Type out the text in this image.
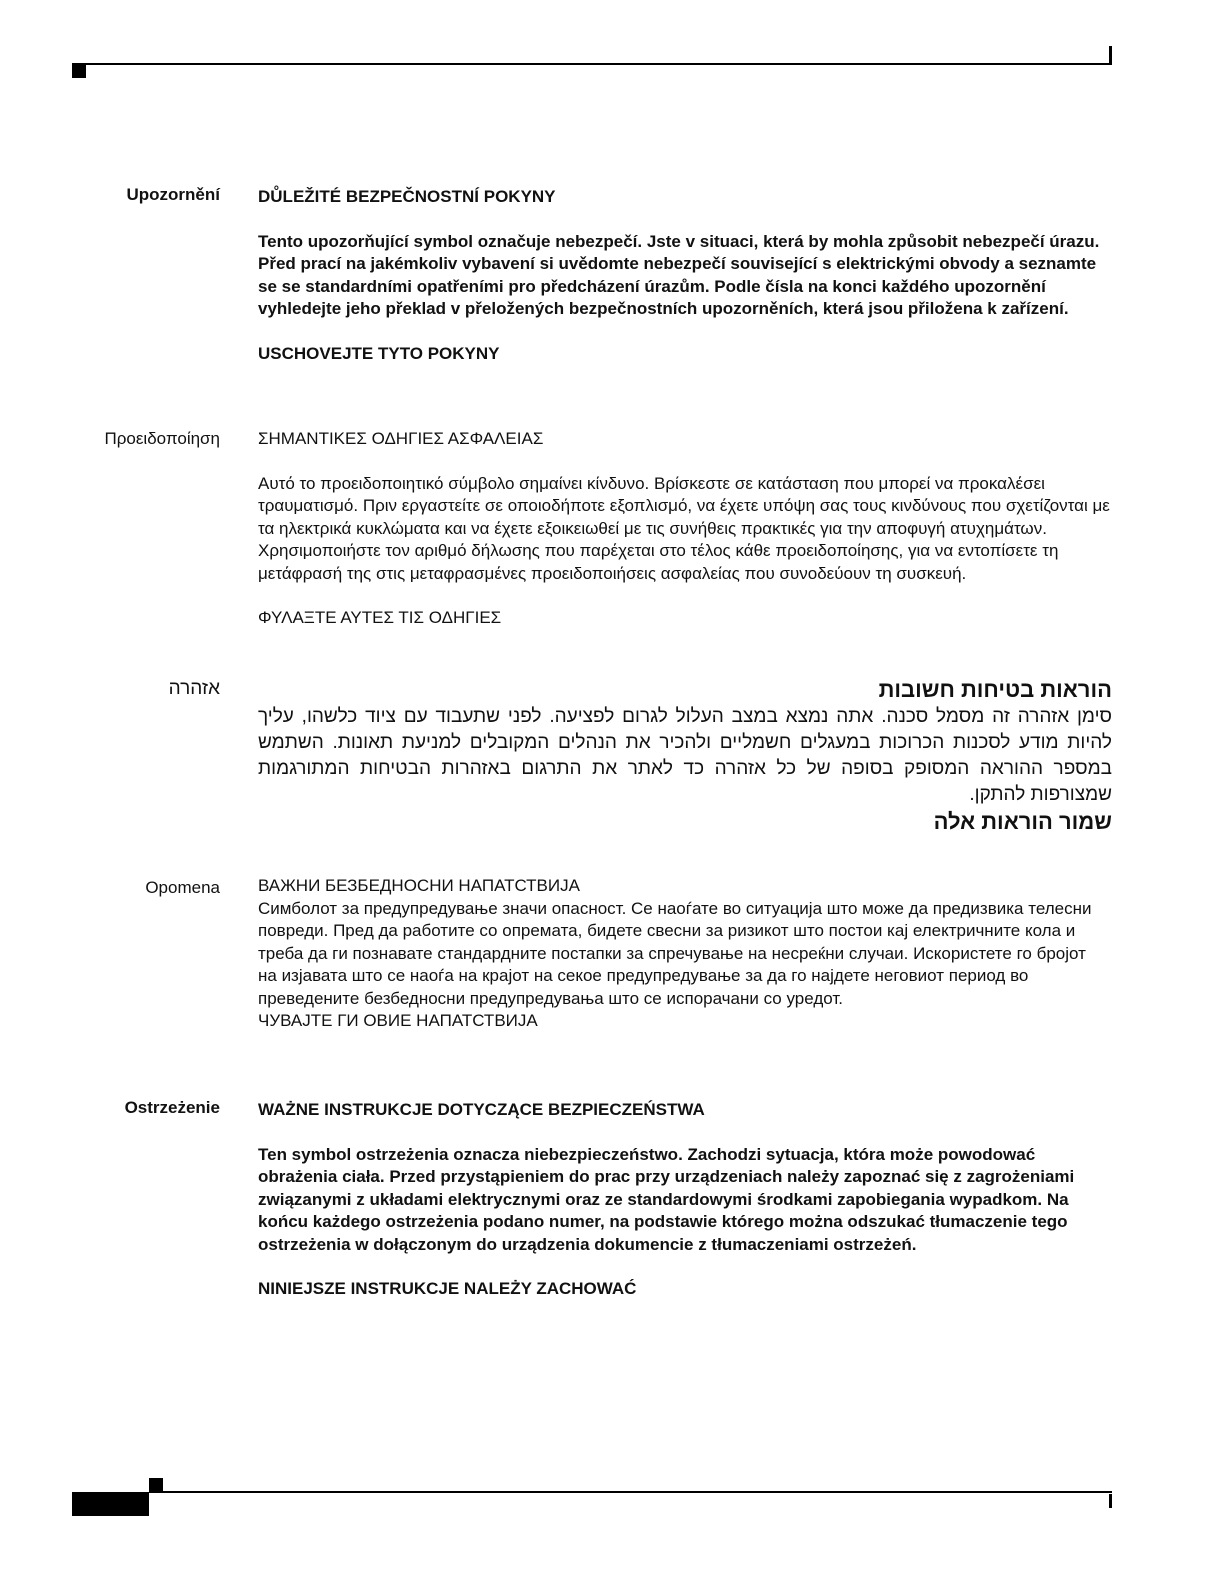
Upozornění DŮLEŽITÉ BEZPEČNOSTNÍ POKYNY

Tento upozorňující symbol označuje nebezpečí. Jste v situaci, která by mohla způsobit nebezpečí úrazu. Před prací na jakémkoliv vybavení si uvědomte nebezpečí související s elektrickými obvody a seznamte se se standardními opatřeními pro předcházení úrazům. Podle čísla na konci každého upozornění vyhledejte jeho překlad v přeložených bezpečnostních upozorněních, která jsou přiložena k zařízení.

USCHOVEJTE TYTO POKYNY

Προειδοποίηση ΣΗΜΑΝΤΙΚΕΣ ΟΔΗΓΙΕΣ ΑΣΦΑΛΕΙΑΣ

Αυτό το προειδοποιητικό σύμβολο σημαίνει κίνδυνο. Βρίσκεστε σε κατάσταση που μπορεί να προκαλέσει τραυματισμό. Πριν εργαστείτε σε οποιοδήποτε εξοπλισμό, να έχετε υπόψη σας τους κινδύνους που σχετίζονται με τα ηλεκτρικά κυκλώματα και να έχετε εξοικειωθεί με τις συνήθεις πρακτικές για την αποφυγή ατυχημάτων. Χρησιμοποιήστε τον αριθμό δήλωσης που παρέχεται στο τέλος κάθε προειδοποίησης, για να εντοπίσετε τη μετάφρασή της στις μεταφρασμένες προειδοποιήσεις ασφαλείας που συνοδεύουν τη συσκευή.

ΦΥΛΑΞΤΕ ΑΥΤΕΣ ΤΙΣ ΟΔΗΓΙΕΣ

אזהרה	הוראות בטיחות חשובות

סימן אזהרה זה מסמל סכנה. אתה נמצא במצב העלול לגרום לפציעה. לפני שתעבוד עם ציוד כלשהו, עליך להיות מודע לסכנות הכרוכות במעגלים חשמליים ולהכיר את הנהלים המקובלים למניעת תאונות. השתמש במספר ההוראה המסופק בסופה של כל אזהרה כד לאתר את התרגום באזהרות הבטיחות המתורגמות שמצורפות להתקן.

שמור הוראות אלה

Opomena ВАЖНИ БЕЗБЕДНОСНИ НАПАТСТВИЈА

Симболот за предупредување значи опасност. Се наоѓате во ситуација што може да предизвика телесни повреди. Пред да работите со опремата, бидете свесни за ризикот што постои кај електричните кола и треба да ги познавате стандардните постапки за спречување на несреќни случаи. Искористете го бројот на изјавата што се наоѓа на крајот на секое предупредување за да го најдете неговиот период во преведените безбедносни предупредувања што се испорачани со уредот.

ЧУВАЈТЕ ГИ ОВИЕ НАПАТСТВИЈА

Ostrzeżenie WAŻNE INSTRUKCJE DOTYCZĄCE BEZPIECZEŃSTWA

Ten symbol ostrzeżenia oznacza niebezpieczeństwo. Zachodzi sytuacja, która może powodować obrażenia ciała. Przed przystąpieniem do prac przy urządzeniach należy zapoznać się z zagrożeniami związanymi z układami elektrycznymi oraz ze standardowymi środkami zapobiegania wypadkom. Na końcu każdego ostrzeżenia podano numer, na podstawie którego można odszukać tłumaczenie tego ostrzeżenia w dołączonym do urządzenia dokumencie z tłumaczeniami ostrzeżeń.

NINIEJSZE INSTRUKCJE NALEŻY ZACHOWAĆ
